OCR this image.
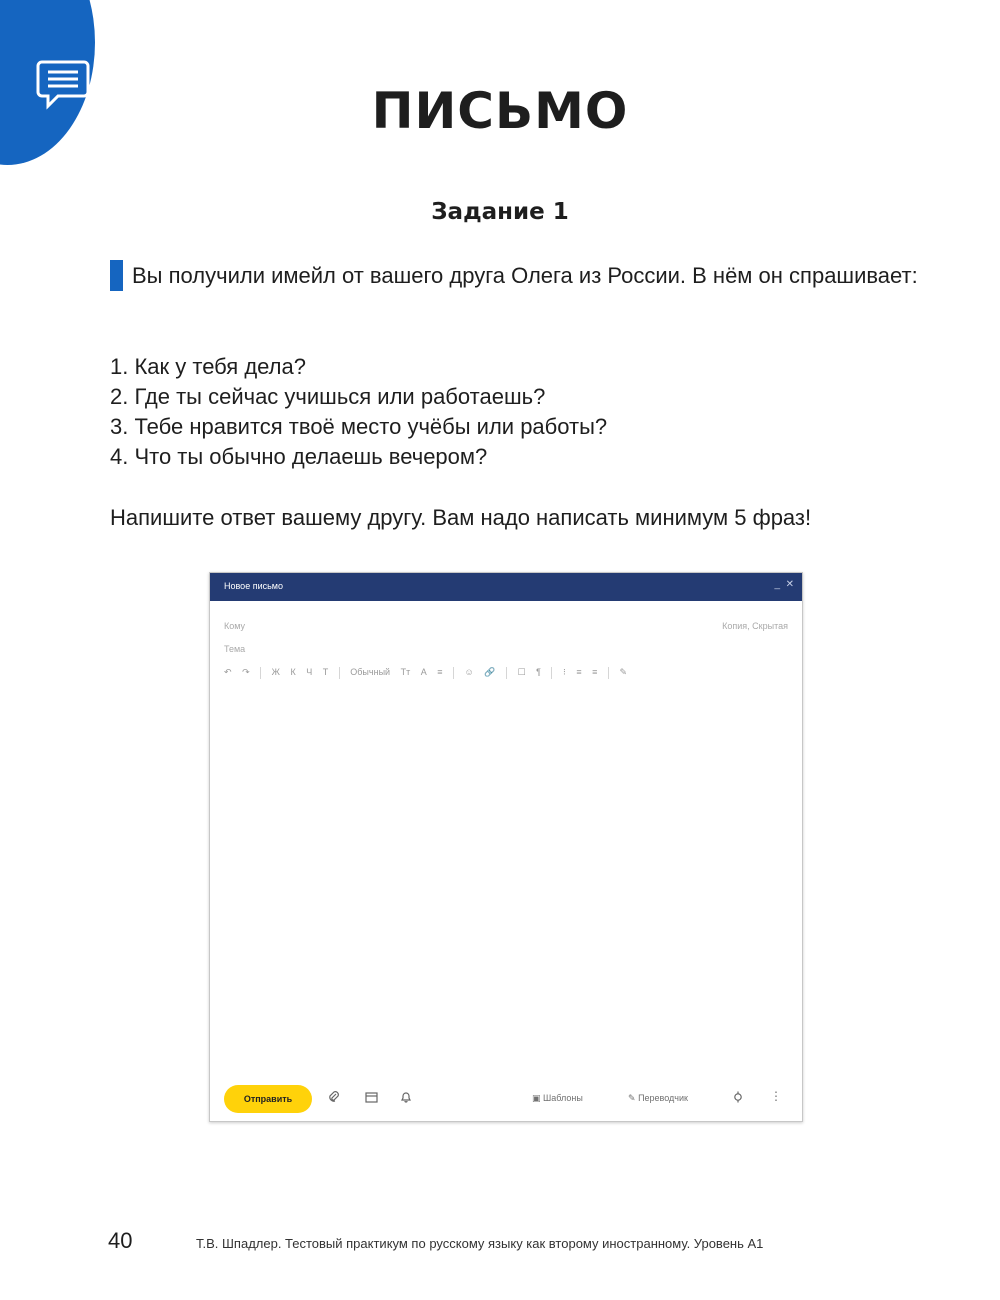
ПИСЬМО
Задание 1
Вы получили имейл от вашего друга Олега из России. В нём он спрашивает:
1. Как у тебя дела?
2. Где ты сейчас учишься или работаешь?
3. Тебе нравится твоё место учёбы или работы?
4. Что ты обычно делаешь вечером?
Напишите ответ вашему другу. Вам надо написать минимум 5 фраз!
Новое письмо	_ ✕
Кому	Копия, Скрытая
Тема
↶ ↷ Ж К Ч Т Обычный Тт А ≡ ☺ 🔗 ☐ ¶ ⁝ ≡ ≡ ✎
Отправить	▣ Шаблоны	✎ Переводчик	⋮
40	Т.В. Шпадлер. Тестовый практикум по русскому языку как второму иностранному. Уровень А1
